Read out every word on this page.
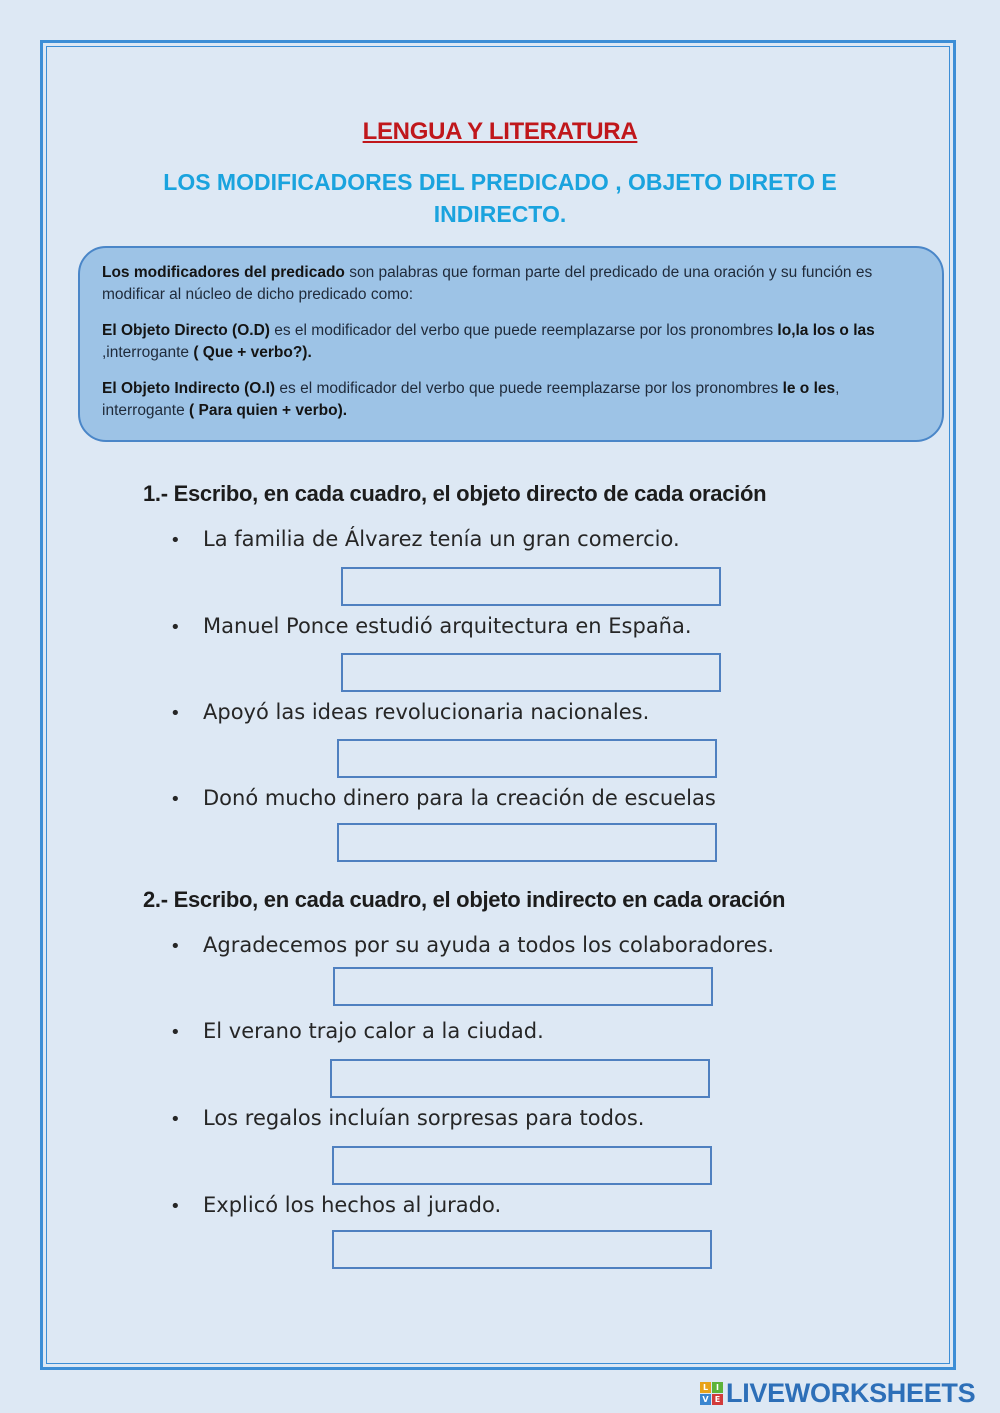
LENGUA Y LITERATURA
LOS MODIFICADORES DEL PREDICADO , OBJETO DIRETO E INDIRECTO.

Los modificadores del predicado son palabras que forman parte del predicado de una oración y su función es modificar al núcleo de dicho predicado como:

El Objeto Directo (O.D) es el modificador del verbo que puede reemplazarse por los pronombres lo,la los o las ,interrogante ( Que + verbo?).

El Objeto Indirecto (O.I) es el modificador del verbo que puede reemplazarse por los pronombres le o les, interrogante ( Para quien + verbo).

1.- Escribo, en cada cuadro, el objeto directo de cada oración
• La familia de Álvarez tenía un gran comercio.
• Manuel Ponce estudió arquitectura en España.
• Apoyó las ideas revolucionaria nacionales.
• Donó mucho dinero para la creación de escuelas
2.- Escribo, en cada cuadro, el objeto indirecto en cada oración
• Agradecemos por su ayuda a todos los colaboradores.
• El verano trajo calor a la ciudad.
• Los regalos incluían sorpresas para todos.
• Explicó los hechos al jurado.
L I
V E LIVEWORKSHEETS
